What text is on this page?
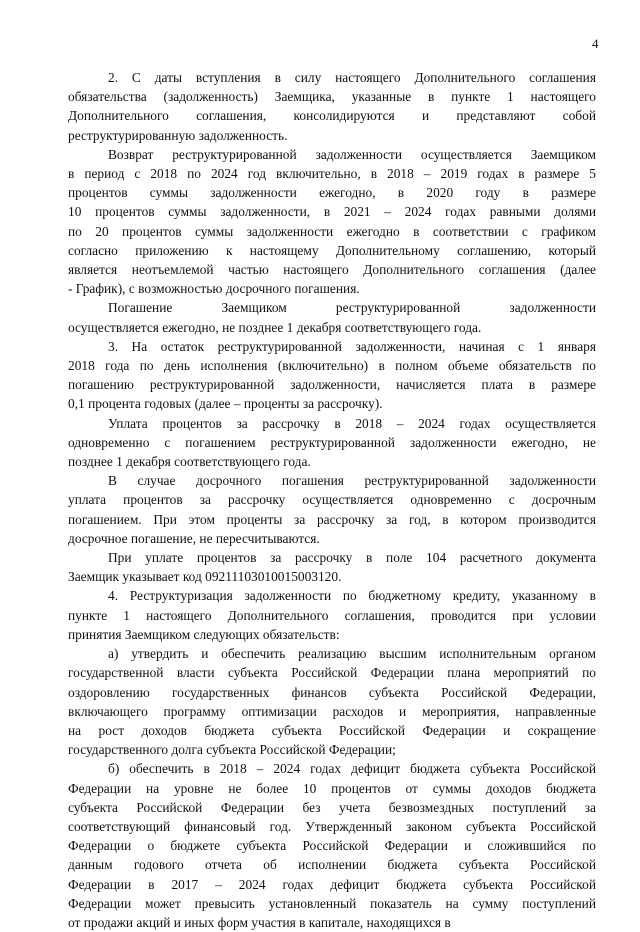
4
2. С даты вступления в силу настоящего Дополнительного соглашения
обязательства (задолженность) Заемщика, указанные в пункте 1 настоящего
Дополнительного соглашения, консолидируются и представляют собой
реструктурированную задолженность.
Возврат реструктурированной задолженности осуществляется Заемщиком
в период с 2018 по 2024 год включительно, в 2018 – 2019 годах в размере 5
процентов суммы задолженности ежегодно, в 2020 году в размере
10 процентов суммы задолженности, в 2021 – 2024 годах равными долями
по 20 процентов суммы задолженности ежегодно в соответствии с графиком
согласно приложению к настоящему Дополнительному соглашению, который
является неотъемлемой частью настоящего Дополнительного соглашения (далее
- График), с возможностью досрочного погашения.
Погашение Заемщиком реструктурированной задолженности
осуществляется ежегодно, не позднее 1 декабря соответствующего года.
3. На остаток реструктурированной задолженности, начиная с 1 января
2018 года по день исполнения (включительно) в полном объеме обязательств по
погашению реструктурированной задолженности, начисляется плата в размере
0,1 процента годовых (далее – проценты за рассрочку).
Уплата процентов за рассрочку в 2018 – 2024 годах осуществляется
одновременно с погашением реструктурированной задолженности ежегодно, не
позднее 1 декабря соответствующего года.
В случае досрочного погашения реструктурированной задолженности
уплата процентов за рассрочку осуществляется одновременно с досрочным
погашением. При этом проценты за рассрочку за год, в котором производится
досрочное погашение, не пересчитываются.
При уплате процентов за рассрочку в поле 104 расчетного документа
Заемщик указывает код 09211103010015003120.
4. Реструктуризация задолженности по бюджетному кредиту, указанному в
пункте 1 настоящего Дополнительного соглашения, проводится при условии
принятия Заемщиком следующих обязательств:
а) утвердить и обеспечить реализацию высшим исполнительным органом
государственной власти субъекта Российской Федерации плана мероприятий по
оздоровлению государственных финансов субъекта Российской Федерации,
включающего программу оптимизации расходов и мероприятия, направленные
на рост доходов бюджета субъекта Российской Федерации и сокращение
государственного долга субъекта Российской Федерации;
б) обеспечить в 2018 – 2024 годах дефицит бюджета субъекта Российской
Федерации на уровне не более 10 процентов от суммы доходов бюджета
субъекта Российской Федерации без учета безвозмездных поступлений за
соответствующий финансовый год. Утвержденный законом субъекта Российской
Федерации о бюджете субъекта Российской Федерации и сложившийся по
данным годового отчета об исполнении бюджета субъекта Российской
Федерации в 2017 – 2024 годах дефицит бюджета субъекта Российской
Федерации может превысить установленный показатель на сумму поступлений
от продажи акций и иных форм участия в капитале, находящихся в
